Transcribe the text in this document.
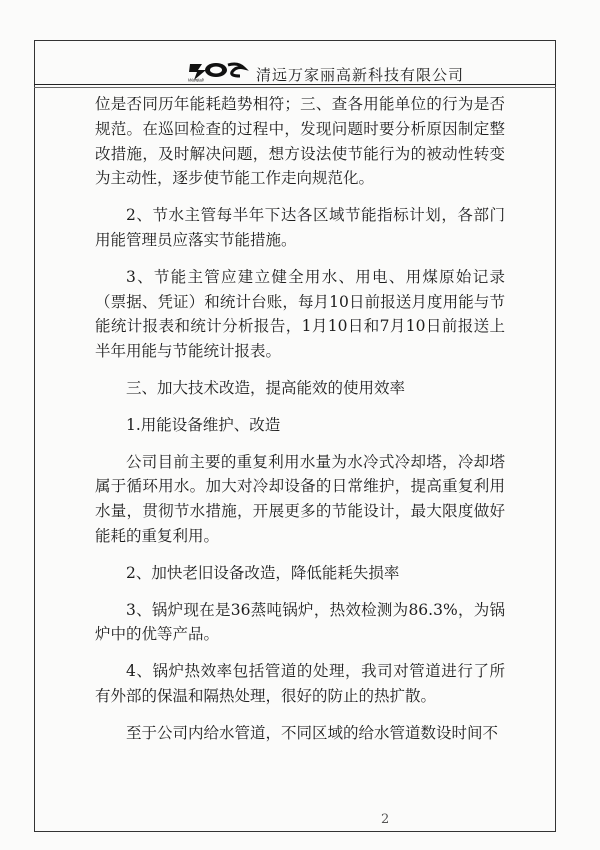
Wanjiali	清远万家丽高新科技有限公司

位是否同历年能耗趋势相符；三、查各用能单位的行为是否规范。在巡回检查的过程中，发现问题时要分析原因制定整改措施，及时解决问题，想方设法使节能行为的被动性转变为主动性，逐步使节能工作走向规范化。

2、节水主管每半年下达各区域节能指标计划，各部门用能管理员应落实节能措施。

3、节能主管应建立健全用水、用电、用煤原始记录（票据、凭证）和统计台账，每月10日前报送月度用能与节能统计报表和统计分析报告，1月10日和7月10日前报送上半年用能与节能统计报表。

三、加大技术改造，提高能效的使用效率

1.用能设备维护、改造

公司目前主要的重复利用水量为水冷式冷却塔，冷却塔属于循环用水。加大对冷却设备的日常维护，提高重复利用水量，贯彻节水措施，开展更多的节能设计，最大限度做好能耗的重复利用。

2、加快老旧设备改造，降低能耗失损率

3、锅炉现在是36蒸吨锅炉，热效检测为86.3%，为锅炉中的优等产品。

4、锅炉热效率包括管道的处理，我司对管道进行了所有外部的保温和隔热处理，很好的防止的热扩散。

至于公司内给水管道，不同区域的给水管道数设时间不

2
